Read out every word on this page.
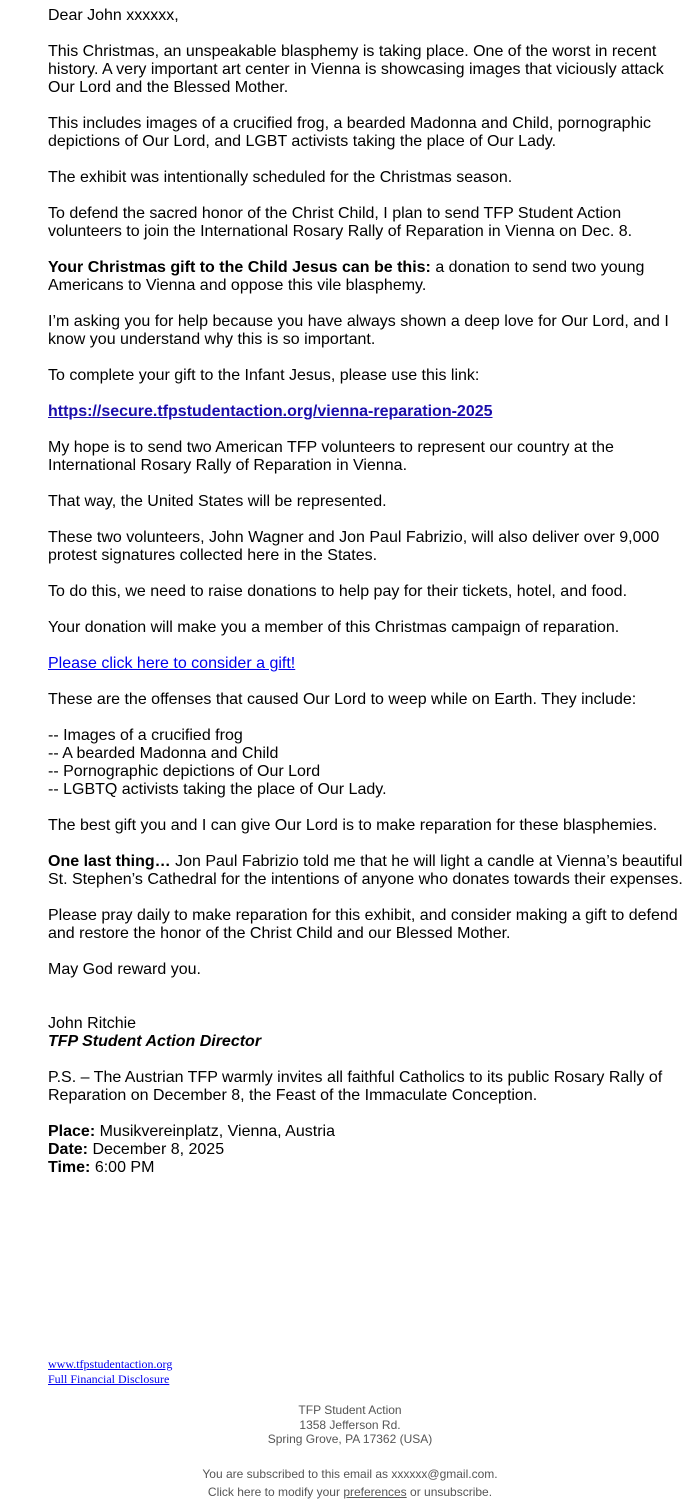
Dear John xxxxxx,

This Christmas, an unspeakable blasphemy is taking place. One of the worst in recent history. A very important art center in Vienna is showcasing images that viciously attack Our Lord and the Blessed Mother.

This includes images of a crucified frog, a bearded Madonna and Child, pornographic depictions of Our Lord, and LGBT activists taking the place of Our Lady.

The exhibit was intentionally scheduled for the Christmas season.

To defend the sacred honor of the Christ Child, I plan to send TFP Student Action volunteers to join the International Rosary Rally of Reparation in Vienna on Dec. 8.

Your Christmas gift to the Child Jesus can be this: a donation to send two young Americans to Vienna and oppose this vile blasphemy.

I’m asking you for help because you have always shown a deep love for Our Lord, and I know you understand why this is so important.

To complete your gift to the Infant Jesus, please use this link:

https://secure.tfpstudentaction.org/vienna-reparation-2025

My hope is to send two American TFP volunteers to represent our country at the International Rosary Rally of Reparation in Vienna.

That way, the United States will be represented.

These two volunteers, John Wagner and Jon Paul Fabrizio, will also deliver over 9,000 protest signatures collected here in the States.

To do this, we need to raise donations to help pay for their tickets, hotel, and food.

Your donation will make you a member of this Christmas campaign of reparation.

Please click here to consider a gift!

These are the offenses that caused Our Lord to weep while on Earth. They include:

-- Images of a crucified frog
-- A bearded Madonna and Child
-- Pornographic depictions of Our Lord
-- LGBTQ activists taking the place of Our Lady.

The best gift you and I can give Our Lord is to make reparation for these blasphemies.

One last thing… Jon Paul Fabrizio told me that he will light a candle at Vienna’s beautiful St. Stephen’s Cathedral for the intentions of anyone who donates towards their expenses.

Please pray daily to make reparation for this exhibit, and consider making a gift to defend and restore the honor of the Christ Child and our Blessed Mother.

May God reward you.

John Ritchie
TFP Student Action Director

P.S. – The Austrian TFP warmly invites all faithful Catholics to its public Rosary Rally of Reparation on December 8, the Feast of the Immaculate Conception.

Place: Musikvereinplatz, Vienna, Austria
Date: December 8, 2025
Time: 6:00 PM

www.tfpstudentaction.org
Full Financial Disclosure
TFP Student Action
1358 Jefferson Rd.
Spring Grove, PA 17362 (USA)
You are subscribed to this email as xxxxxx@gmail.com.
Click here to modify your preferences or unsubscribe.
